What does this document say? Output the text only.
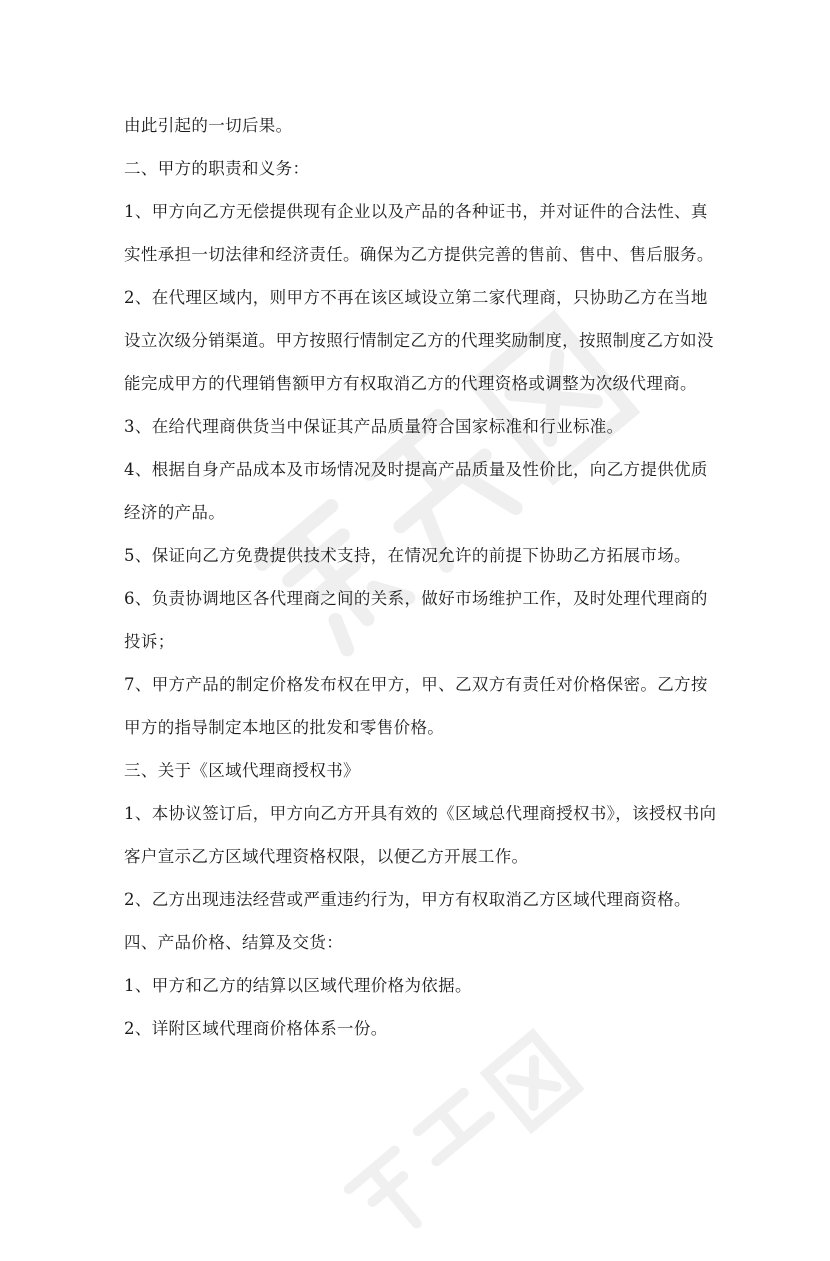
由此引起的一切后果。
二、甲方的职责和义务：
1、甲方向乙方无偿提供现有企业以及产品的各种证书，并对证件的合法性、真
实性承担一切法律和经济责任。确保为乙方提供完善的售前、售中、售后服务。
2、在代理区域内，则甲方不再在该区域设立第二家代理商，只协助乙方在当地
设立次级分销渠道。甲方按照行情制定乙方的代理奖励制度，按照制度乙方如没
能完成甲方的代理销售额甲方有权取消乙方的代理资格或调整为次级代理商。
3、在给代理商供货当中保证其产品质量符合国家标准和行业标准。
4、根据自身产品成本及市场情况及时提高产品质量及性价比，向乙方提供优质
经济的产品。
5、保证向乙方免费提供技术支持，在情况允许的前提下协助乙方拓展市场。
6、负责协调地区各代理商之间的关系，做好市场维护工作，及时处理代理商的
投诉；
7、甲方产品的制定价格发布权在甲方，甲、乙双方有责任对价格保密。乙方按
甲方的指导制定本地区的批发和零售价格。
三、关于《区域代理商授权书》
1、本协议签订后，甲方向乙方开具有效的《区域总代理商授权书》，该授权书向
客户宣示乙方区域代理资格权限，以便乙方开展工作。
2、乙方出现违法经营或严重违约行为，甲方有权取消乙方区域代理商资格。
四、产品价格、结算及交货：
1、甲方和乙方的结算以区域代理价格为依据。
2、详附区域代理商价格体系一份。
